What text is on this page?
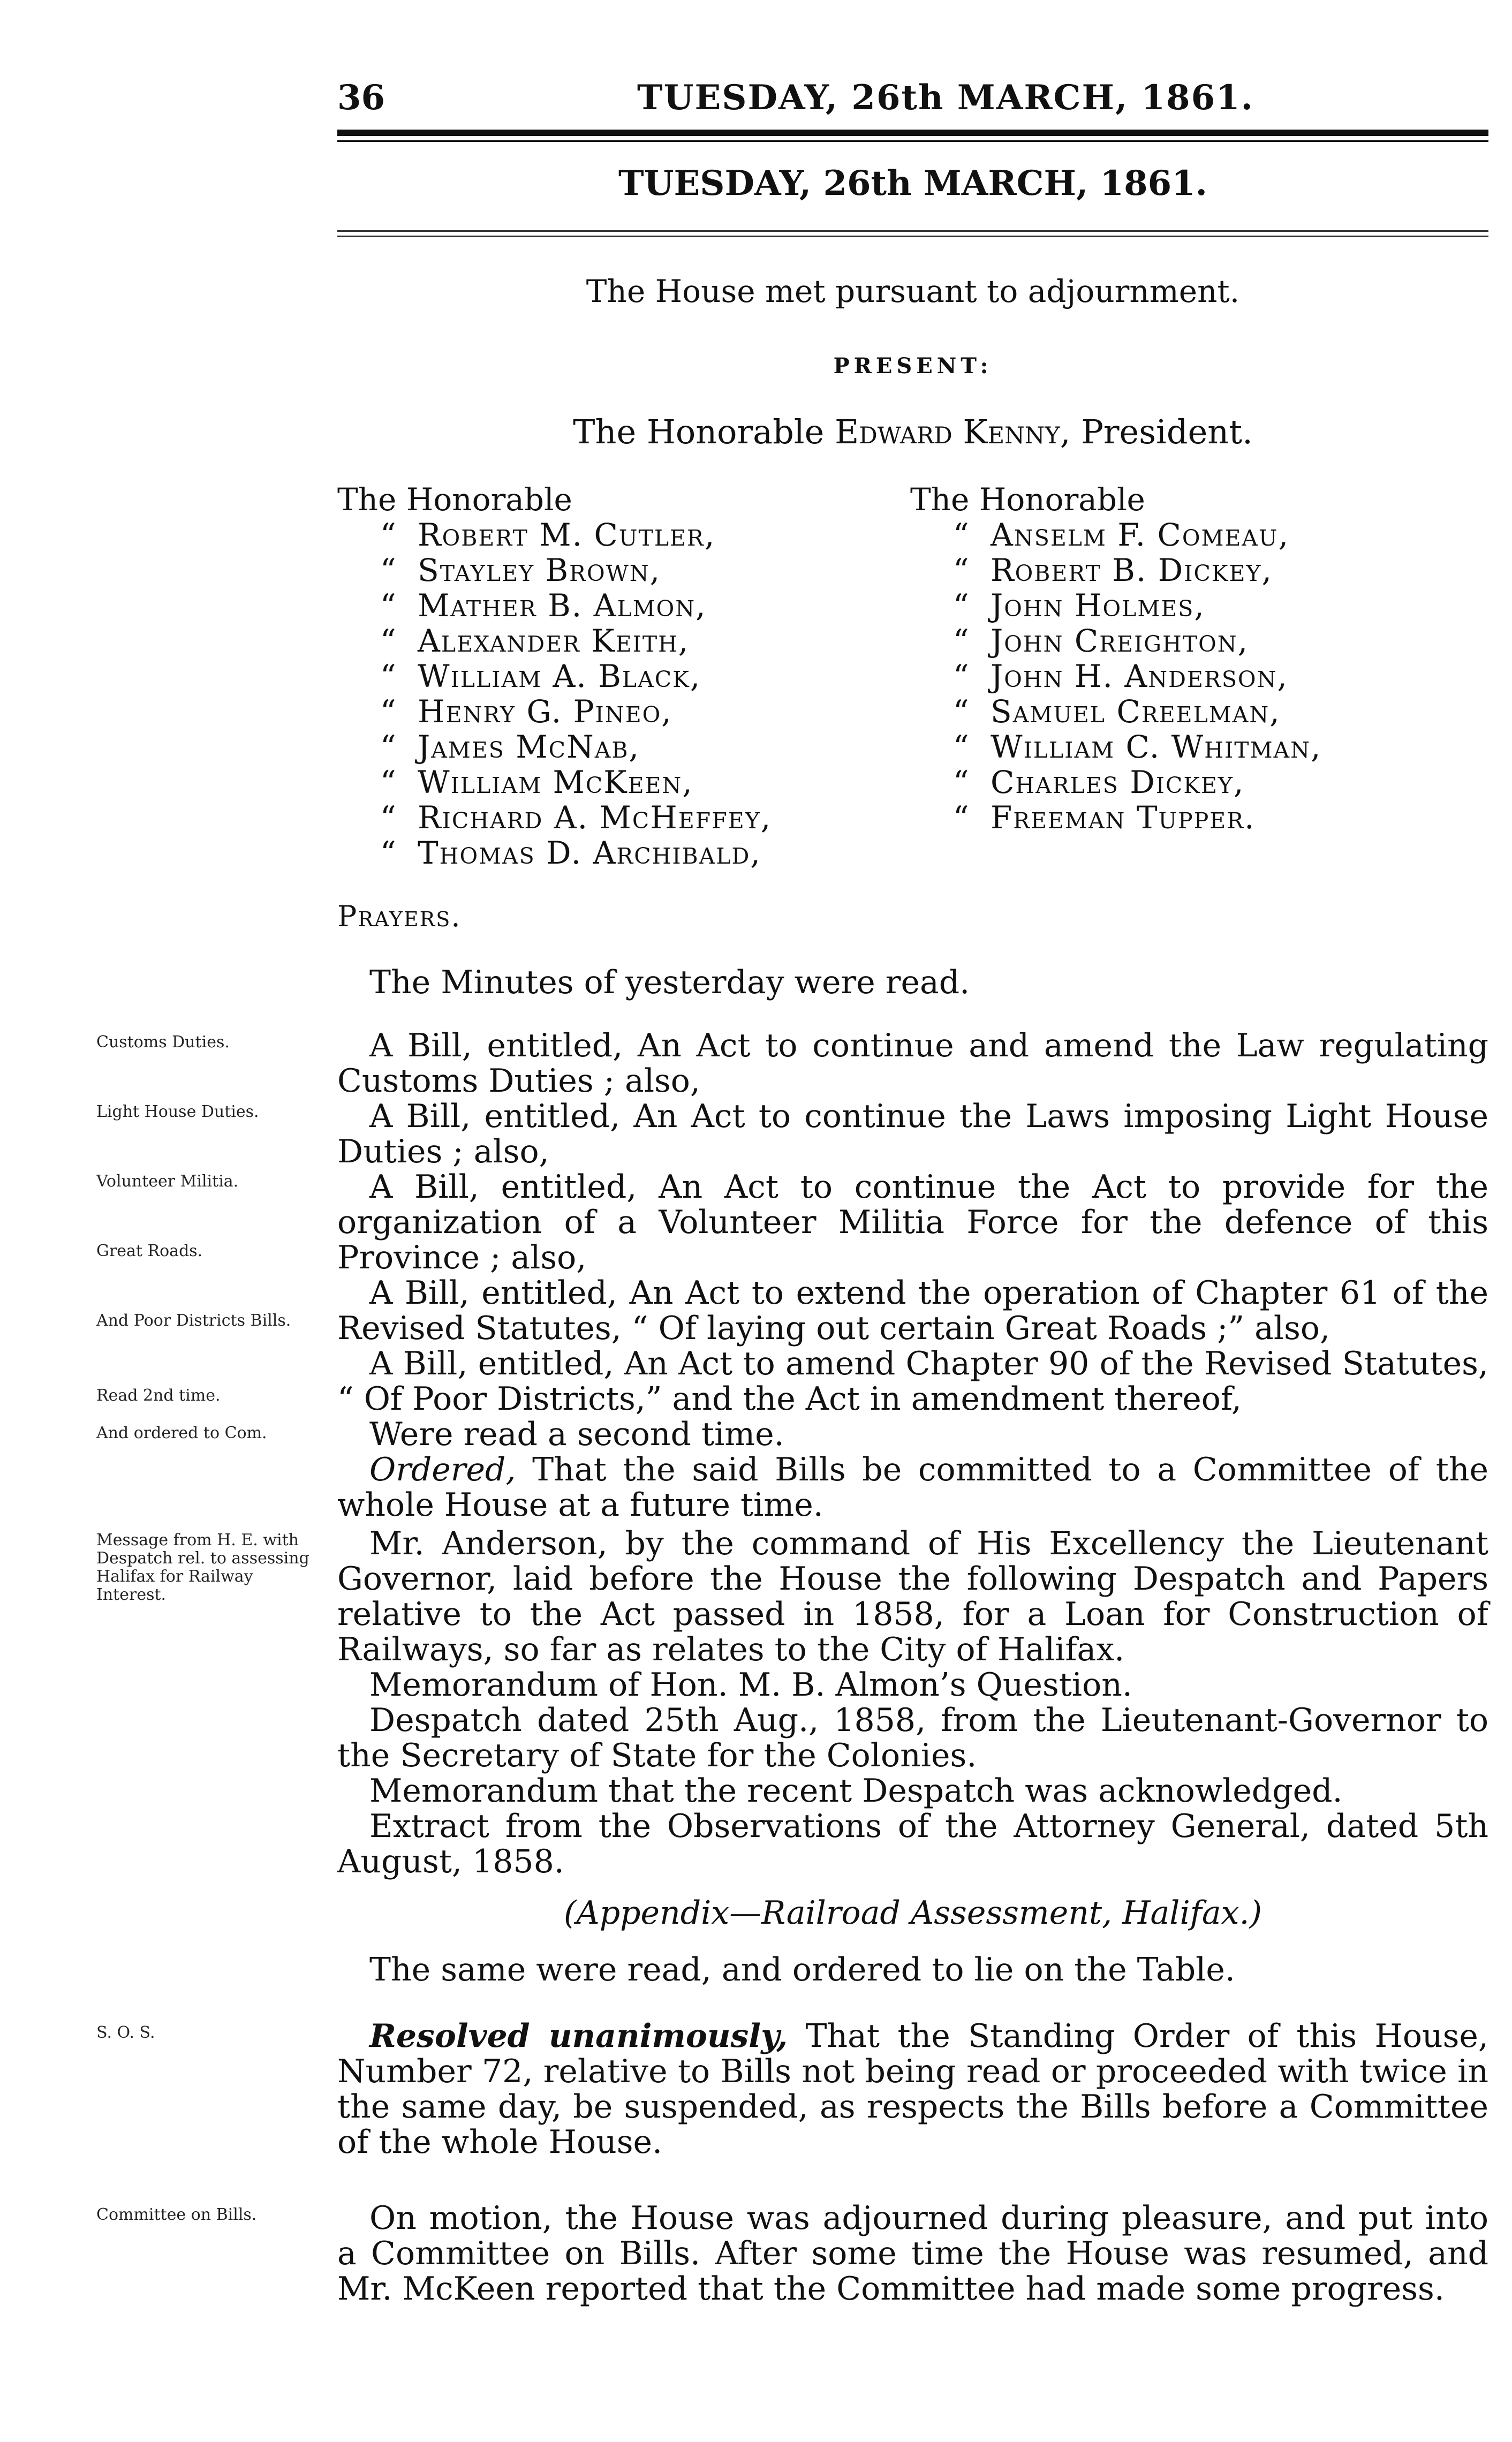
36	TUESDAY, 26th MARCH, 1861.
TUESDAY, 26th MARCH, 1861.
The House met pursuant to adjournment.
PRESENT:
The Honorable Edward Kenny, President.
The Honorable
“ Robert M. Cutler,
“ Stayley Brown,
“ Mather B. Almon,
“ Alexander Keith,
“ William A. Black,
“ Henry G. Pineo,
“ James McNab,
“ William McKeen,
“ Richard A. McHeffey,
“ Thomas D. Archibald,
The Honorable
“ Anselm F. Comeau,
“ Robert B. Dickey,
“ John Holmes,
“ John Creighton,
“ John H. Anderson,
“ Samuel Creelman,
“ William C. Whitman,
“ Charles Dickey,
“ Freeman Tupper.
Prayers.
The Minutes of yesterday were read.
Customs Duties.
Light House Duties.
Volunteer Militia.
Great Roads.
And Poor Districts Bills.
Read 2nd time.
And ordered to Com.
Message from H. E. with Despatch rel. to assessing Halifax for Railway Interest.
S. O. S.
Committee on Bills.

A Bill, entitled, An Act to continue and amend the Law regulating Customs Duties ; also,

A Bill, entitled, An Act to continue the Laws imposing Light House Duties ; also,

A Bill, entitled, An Act to continue the Act to provide for the organization of a Volunteer Militia Force for the defence of this Province ; also,

A Bill, entitled, An Act to extend the operation of Chapter 61 of the Revised Statutes, “ Of laying out certain Great Roads ;” also,

A Bill, entitled, An Act to amend Chapter 90 of the Revised Statutes, “ Of Poor Districts,” and the Act in amendment thereof,

Were read a second time.

Ordered, That the said Bills be committed to a Committee of the whole House at a future time.

Mr. Anderson, by the command of His Excellency the Lieutenant Governor, laid before the House the following Despatch and Papers relative to the Act passed in 1858, for a Loan for Construction of Railways, so far as relates to the City of Halifax.

Memorandum of Hon. M. B. Almon’s Question.

Despatch dated 25th Aug., 1858, from the Lieutenant-Governor to the Secretary of State for the Colonies.

Memorandum that the recent Despatch was acknowledged.

Extract from the Observations of the Attorney General, dated 5th August, 1858.

(Appendix—Railroad Assessment, Halifax.)

The same were read, and ordered to lie on the Table.

Resolved unanimously, That the Standing Order of this House, Number 72, relative to Bills not being read or proceeded with twice in the same day, be suspended, as respects the Bills before a Committee of the whole House.

On motion, the House was adjourned during pleasure, and put into a Committee on Bills. After some time the House was resumed, and Mr. McKeen reported that the Committee had made some progress.
